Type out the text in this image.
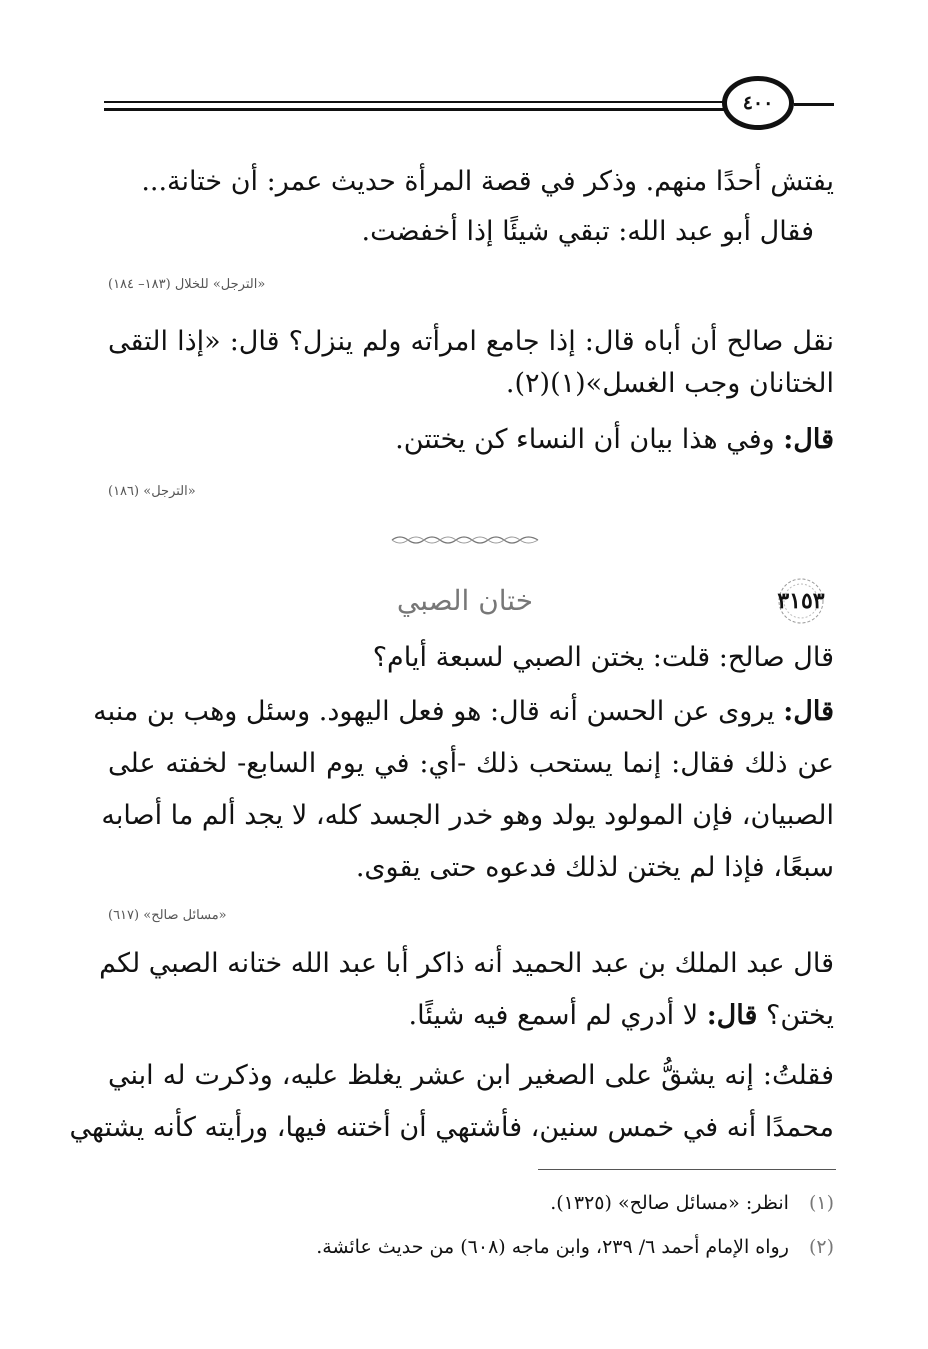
٤٠٠
يفتش أحدًا منهم. وذكر في قصة المرأة حديث عمر: أن ختانة...
فقال أبو عبد الله: تبقي شيئًا إذا أخفضت.
«الترجل» للخلال (١٨٣– ١٨٤)
نقل صالح أن أباه قال: إذا جامع امرأته ولم ينزل؟ قال: «إذا التقى
الختانان وجب الغسل»(١)(٢).
قال: وفي هذا بيان أن النساء كن يختتن.
«الترجل» (١٨٦)
٣١٥٣
ختان الصبي
قال صالح: قلت: يختن الصبي لسبعة أيام؟
قال: يروى عن الحسن أنه قال: هو فعل اليهود. وسئل وهب بن منبه
عن ذلك فقال: إنما يستحب ذلك -أي: في يوم السابع- لخفته على
الصبيان، فإن المولود يولد وهو خدر الجسد كله، لا يجد ألم ما أصابه
سبعًا، فإذا لم يختن لذلك فدعوه حتى يقوى.
«مسائل صالح» (٦١٧)
قال عبد الملك بن عبد الحميد أنه ذاكر أبا عبد الله ختانه الصبي لكم
يختن؟ قال: لا أدري لم أسمع فيه شيئًا.
فقلتُ: إنه يشقُّ على الصغير ابن عشر يغلظ عليه، وذكرت له ابني
محمدًا أنه في خمس سنين، فأشتهي أن أختنه فيها، ورأيته كأنه يشتهي
(١) انظر: «مسائل صالح» (١٣٢٥).
(٢) رواه الإمام أحمد ٦/ ٢٣٩، وابن ماجه (٦٠٨) من حديث عائشة.
